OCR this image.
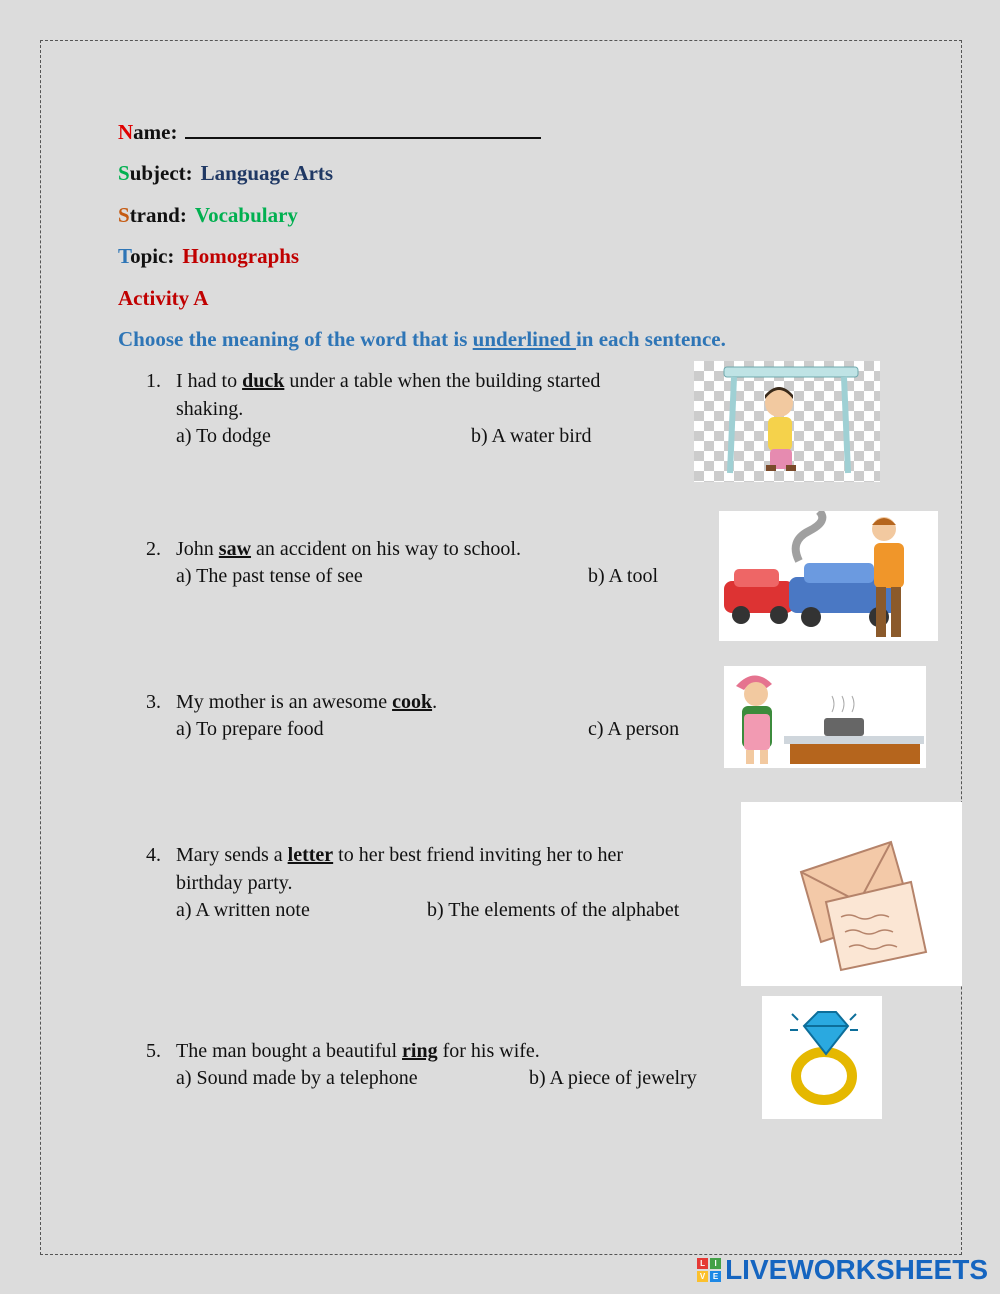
Name:
Subject: Language Arts
Strand: Vocabulary
Topic: Homographs
Activity A
Choose the meaning of the word that is underlined in each sentence.
1. I had to duck under a table when the building started
shaking.
a) To dodge	b) A water bird
2. John saw an accident on his way to school.
a) The past tense of see	b) A tool
3. My mother is an awesome cook.
a) To prepare food	c) A person
4. Mary sends a letter to her best friend inviting her to her
birthday party.
a) A written note	b) The elements of the alphabet
5. The man bought a beautiful ring for his wife.
a) Sound made by a telephone	b) A piece of jewelry
L	I
V E LIVEWORKSHEETS
